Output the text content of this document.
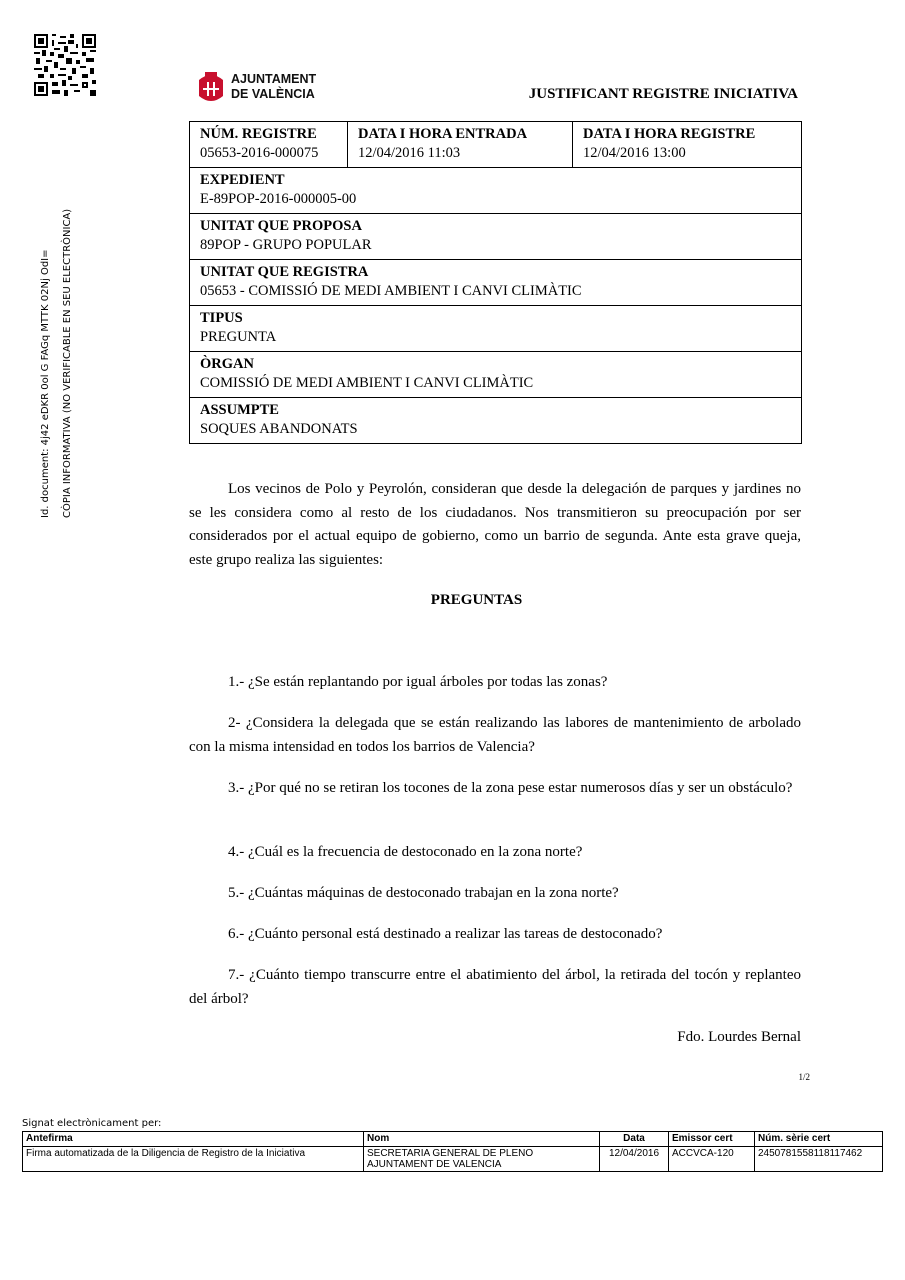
AJUNTAMENT
DE VALÈNCIA	JUSTIFICANT REGISTRE INICIATIVA
Id. document: 4j42 eDKR 0ol G FAGq MTTK 02Nj OdI= CÒPIA INFORMATIVA (NO VERIFICABLE EN SEU ELECTRÒNICA)
NÚM. REGISTRE
05653-2016-000075

DATA I HORA ENTRADA
12/04/2016 11:03

DATA I HORA REGISTRE
12/04/2016 13:00

EXPEDIENT
E-89POP-2016-000005-00

UNITAT QUE PROPOSA
89POP - GRUPO POPULAR

UNITAT QUE REGISTRA
05653 - COMISSIÓ DE MEDI AMBIENT I CANVI CLIMÀTIC

TIPUS
PREGUNTA

ÒRGAN
COMISSIÓ DE MEDI AMBIENT I CANVI CLIMÀTIC

ASSUMPTE
SOQUES ABANDONATS
Los vecinos de Polo y Peyrolón, consideran que desde la delegación de parques y jardines no se les considera como al resto de los ciudadanos. Nos transmitieron su preocupación por ser considerados por el actual equipo de gobierno, como un barrio de segunda. Ante esta grave queja, este grupo realiza las siguientes:
PREGUNTAS
1.- ¿Se están replantando por igual árboles por todas las zonas?
2- ¿Considera la delegada que se están realizando las labores de mantenimiento de arbolado con la misma intensidad en todos los barrios de Valencia?
3.- ¿Por qué no se retiran los tocones de la zona pese estar numerosos días y ser un obstáculo?
4.- ¿Cuál es la frecuencia de destoconado en la zona norte?
5.- ¿Cuántas máquinas de destoconado trabajan en la zona norte?
6.- ¿Cuánto personal está destinado a realizar las tareas de destoconado?
7.- ¿Cuánto tiempo transcurre entre el abatimiento del árbol, la retirada del tocón y replanteo del árbol?
Fdo. Lourdes Bernal
1/2
Signat electrònicament per:
Antefirma	Nom	Data	Emissor cert	Núm. sèrie cert
Firma automatizada de la Diligencia de Registro de la Iniciativa	SECRETARIA GENERAL DE PLENO
AJUNTAMENT DE VALENCIA	12/04/2016	ACCVCA-120	2450781558118117462
